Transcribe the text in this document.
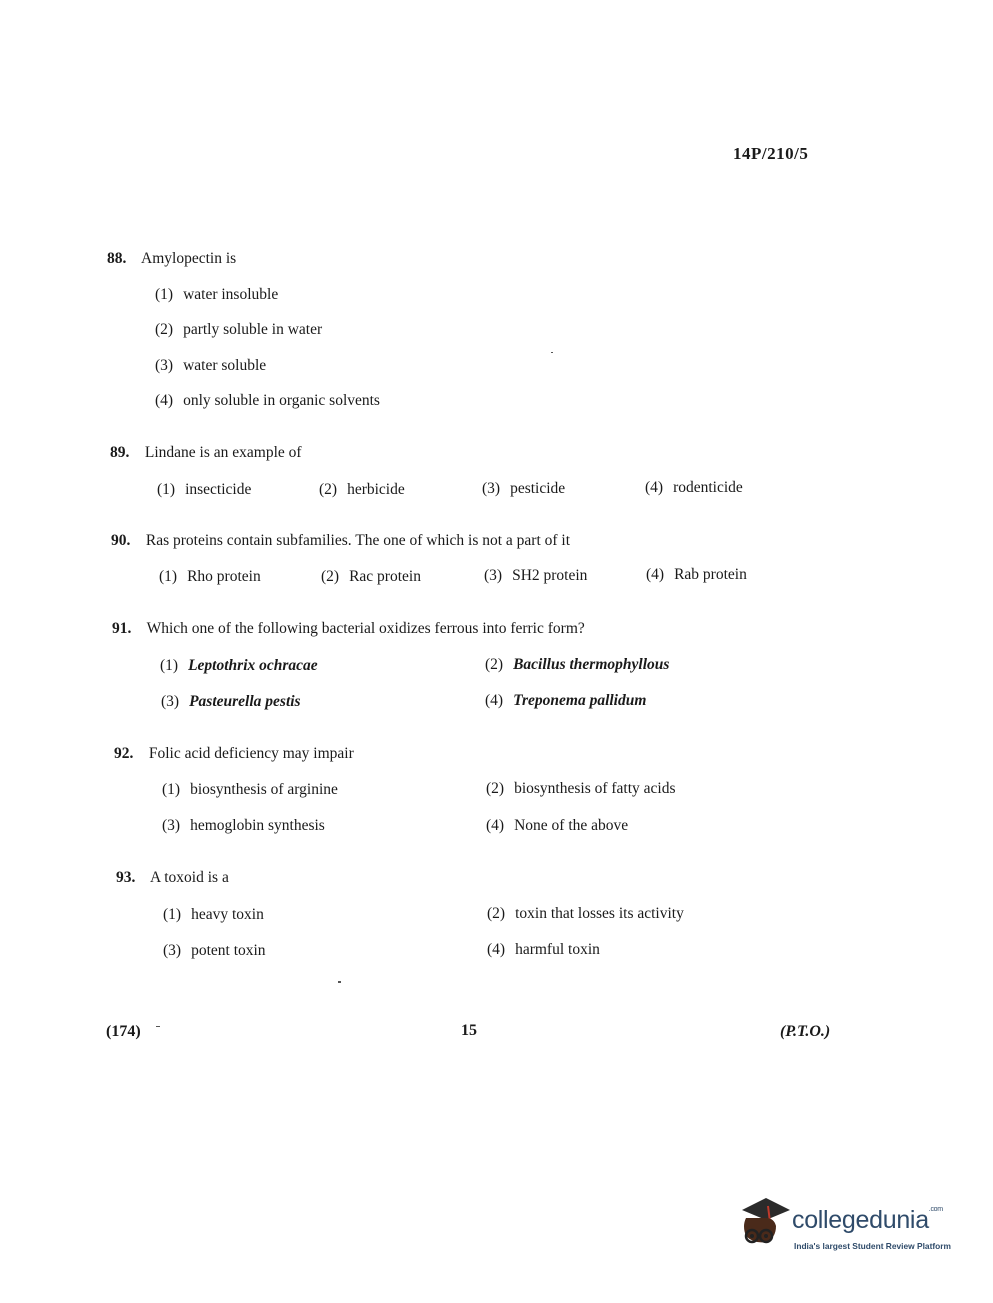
14P/210/5
88. Amylopectin is
(1) water insoluble
(2) partly soluble in water
(3) water soluble
(4) only soluble in organic solvents
89. Lindane is an example of
(1) insecticide	(2) herbicide	(3) pesticide	(4) rodenticide
90. Ras proteins contain subfamilies. The one of which is not a part of it
(1) Rho protein	(2) Rac protein	(3) SH2 protein	(4) Rab protein
91. Which one of the following bacterial oxidizes ferrous into ferric form?
(1) Leptothrix ochracae	(2) Bacillus thermophyllous
(3) Pasteurella pestis	(4) Treponema pallidum
92. Folic acid deficiency may impair
(1) biosynthesis of arginine	(2) biosynthesis of fatty acids
(3) hemoglobin synthesis	(4) None of the above
93. A toxoid is a
(1) heavy toxin	(2) toxin that losses its activity
(3) potent toxin	(4) harmful toxin
(174)	15	(P.T.O.)
collegedunia$^{.com}$
India's largest Student Review Platform
